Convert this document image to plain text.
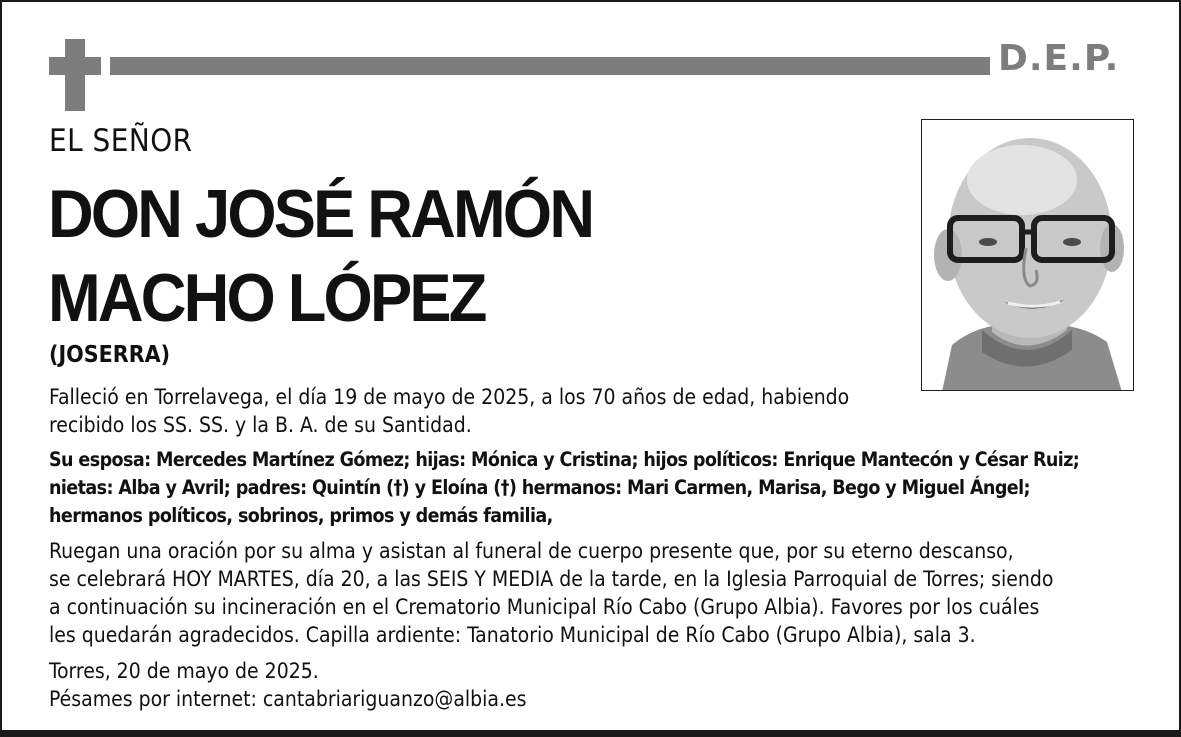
D.E.P.
EL SEÑOR
DON JOSÉ RAMÓN
MACHO LÓPEZ
(JOSERRA)
Falleció en Torrelavega, el día 19 de mayo de 2025, a los 70 años de edad, habiendo
recibido los SS. SS. y la B. A. de su Santidad.
Su esposa: Mercedes Martínez Gómez; hijas: Mónica y Cristina; hijos políticos: Enrique Mantecón y César Ruiz;
nietas: Alba y Avril; padres: Quintín (†) y Eloína (†) hermanos: Mari Carmen, Marisa, Bego y Miguel Ángel;
hermanos políticos, sobrinos, primos y demás familia,
Ruegan una oración por su alma y asistan al funeral de cuerpo presente que, por su eterno descanso,
se celebrará HOY MARTES, día 20, a las SEIS Y MEDIA de la tarde, en la Iglesia Parroquial de Torres; siendo
a continuación su incineración en el Crematorio Municipal Río Cabo (Grupo Albia). Favores por los cuáles
les quedarán agradecidos. Capilla ardiente: Tanatorio Municipal de Río Cabo (Grupo Albia), sala 3.
Torres, 20 de mayo de 2025.
Pésames por internet: cantabriariguanzo@albia.es
